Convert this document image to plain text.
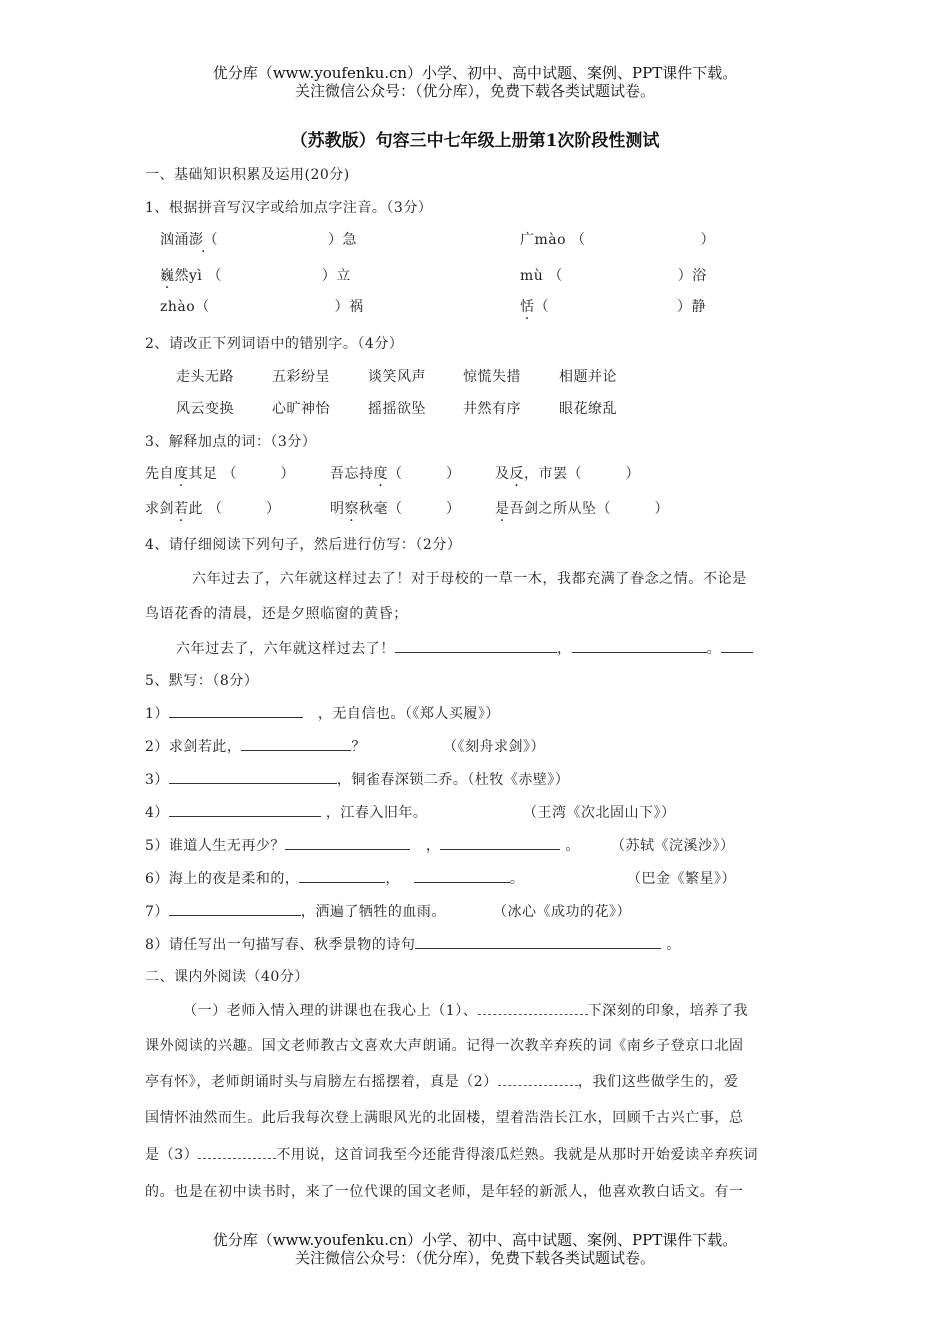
优分库（www.youfenku.cn）小学、初中、高中试题、案例、PPT课件下载。
关注微信公众号：（优分库），免费下载各类试题试卷。
（苏教版）句容三中七年级上册第1次阶段性测试
一、基础知识积累及运用(20分)
1、根据拼音写汉字或给加点字注音。（3分）
汹涌澎（	）急	广mào （	）
巍然yì （	）立	mù （	）浴
zhào（	）祸	恬（	）静
2、请改正下列词语中的错别字。（4分）
走头无路	五彩纷呈	谈笑风声	惊慌失措	相题并论
风云变换	心旷神怡	摇摇欲坠	井然有序	眼花缭乱
3、解释加点的词：（3分）
先自度其足 （　　　）	吾忘持度（　　　） 及反，市罢（　　　）
求剑若此 （　　　）	明察秋毫（　　　） 是吾剑之所从坠（　　　）
4、请仔细阅读下列句子，然后进行仿写：（2分）
六年过去了，六年就这样过去了！对于母校的一草一木，我都充满了眷念之情。不论是
鸟语花香的清晨，还是夕照临窗的黄昏；
六年过去了，六年就这样过去了！	，	。
5、默写：（8分）
1）	，无自信也。（《郑人买履》）
2）求剑若此，	？	（《刻舟求剑》）
3）	，铜雀春深锁二乔。（杜牧《赤壁》）
4）	，江春入旧年。	（王湾《次北固山下》）
5）谁道人生无再少？	，	。 （苏轼《浣溪沙》）
6）海上的夜是柔和的，	，	。	（巴金《繁星》）
7）	，洒遍了牺牲的血雨。	（冰心《成功的花》）
8）请任写出一句描写春、秋季景物的诗句	。
二、课内外阅读（40分）
（一）老师入情入理的讲课也在我心上（1）、	下深刻的印象，培养了我
课外阅读的兴趣。国文老师教古文喜欢大声朗诵。记得一次教辛弃疾的词《南乡子登京口北固
亭有怀》，老师朗诵时头与肩膀左右摇摆着，真是（2）	，我们这些做学生的，爱
国情怀油然而生。此后我每次登上满眼风光的北固楼，望着浩浩长江水，回顾千古兴亡事，总
是（3）	不用说，这首词我至今还能背得滚瓜烂熟。我就是从那时开始爱读辛弃疾词
的。也是在初中读书时，来了一位代课的国文老师，是年轻的新派人，他喜欢教白话文。有一
优分库（www.youfenku.cn）小学、初中、高中试题、案例、PPT课件下载。
关注微信公众号：（优分库），免费下载各类试题试卷。
